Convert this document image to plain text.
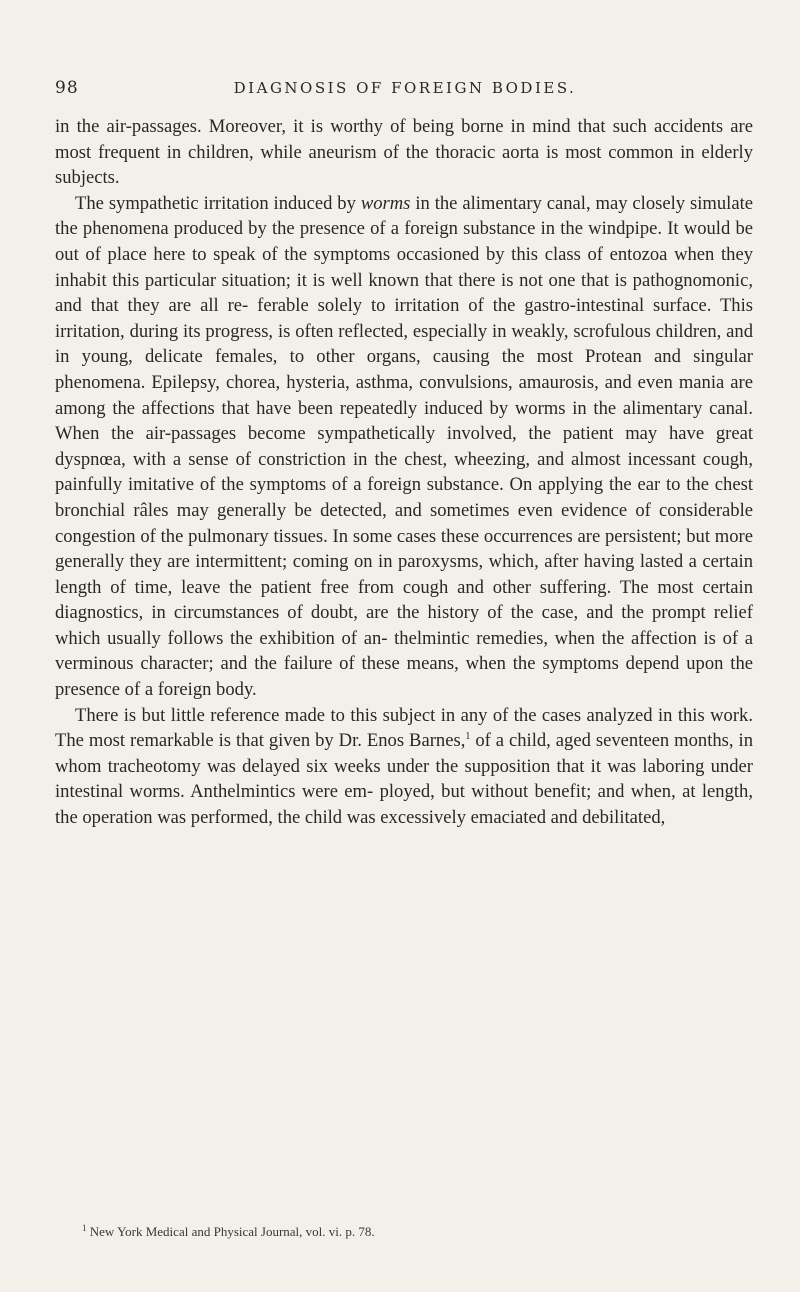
98	DIAGNOSIS OF FOREIGN BODIES.

in the air-passages. Moreover, it is worthy of being borne in mind that such accidents are most frequent in children, while aneurism of the thoracic aorta is most common in elderly subjects.

The sympathetic irritation induced by worms in the alimentary canal, may closely simulate the phenomena produced by the presence of a foreign substance in the windpipe. It would be out of place here to speak of the symptoms occasioned by this class of entozoa when they inhabit this particular situation; it is well known that there is not one that is pathognomonic, and that they are all re- ferable solely to irritation of the gastro-intestinal surface. This irritation, during its progress, is often reflected, especially in weakly, scrofulous children, and in young, delicate females, to other organs, causing the most Protean and singular phenomena. Epilepsy, chorea, hysteria, asthma, convulsions, amaurosis, and even mania are among the affections that have been repeatedly induced by worms in the alimentary canal. When the air-passages become sympathetically involved, the patient may have great dyspnœa, with a sense of constriction in the chest, wheezing, and almost incessant cough, painfully imitative of the symptoms of a foreign substance. On applying the ear to the chest bronchial râles may generally be detected, and sometimes even evidence of considerable congestion of the pulmonary tissues. In some cases these occurrences are persistent; but more generally they are intermittent; coming on in paroxysms, which, after having lasted a certain length of time, leave the patient free from cough and other suffering. The most certain diagnostics, in circumstances of doubt, are the history of the case, and the prompt relief which usually follows the exhibition of an- thelmintic remedies, when the affection is of a verminous character; and the failure of these means, when the symptoms depend upon the presence of a foreign body.

There is but little reference made to this subject in any of the cases analyzed in this work. The most remarkable is that given by Dr. Enos Barnes,$^1$ of a child, aged seventeen months, in whom tracheotomy was delayed six weeks under the supposition that it was laboring under intestinal worms. Anthelmintics were em- ployed, but without benefit; and when, at length, the operation was performed, the child was excessively emaciated and debilitated,

$^1$ New York Medical and Physical Journal, vol. vi. p. 78.
